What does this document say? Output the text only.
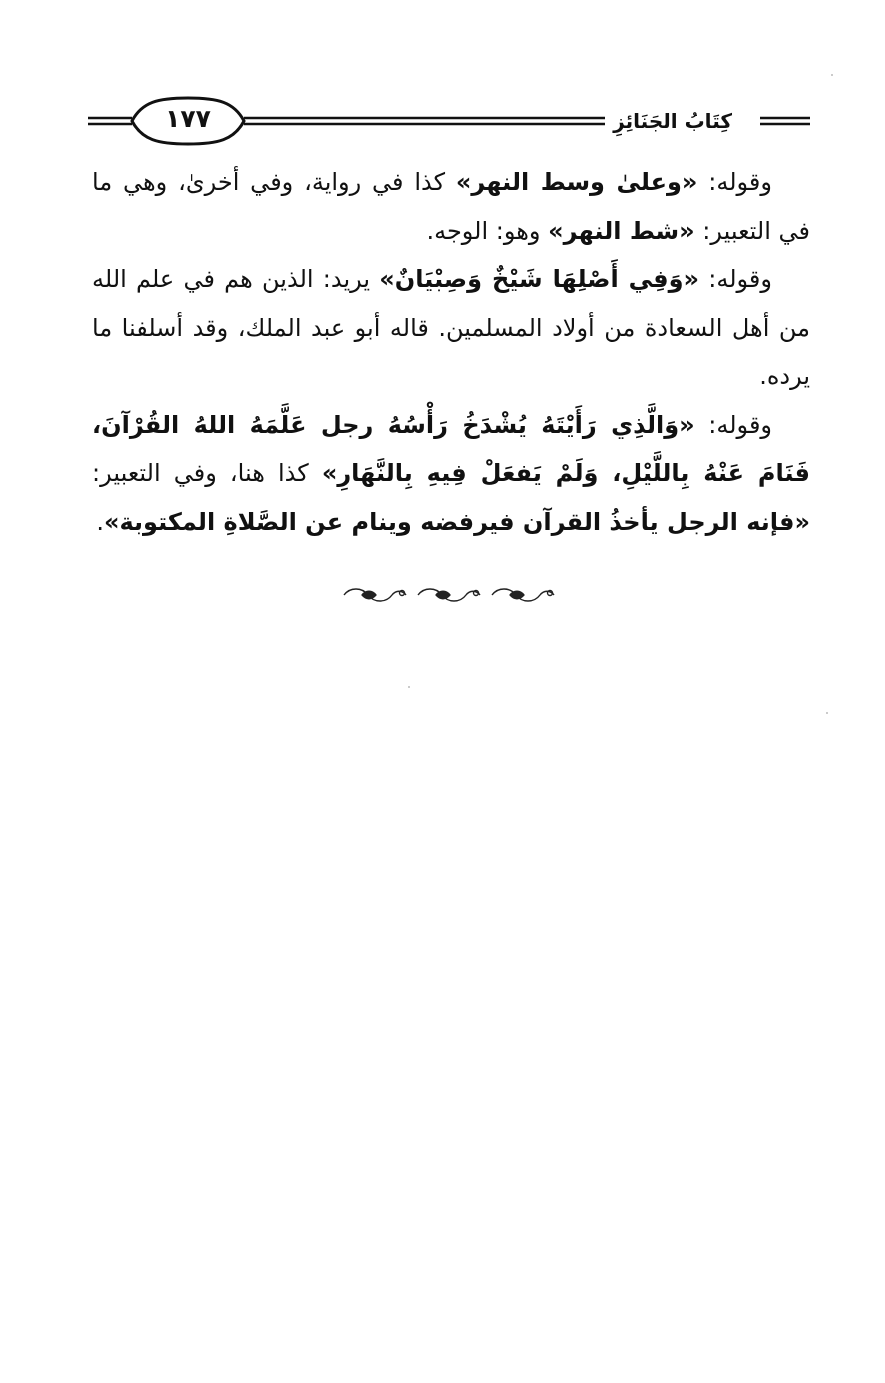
١٧٧	كِتَابُ الجَنَائِزِ

وقوله: «وعلىٰ وسط النهر» كذا في رواية، وفي أخرىٰ، وهي ما في التعبير: «شط النهر» وهو: الوجه.

وقوله: «وَفِي أَصْلِهَا شَيْخٌ وَصِبْيَانٌ» يريد: الذين هم في علم الله من أهل السعادة من أولاد المسلمين. قاله أبو عبد الملك، وقد أسلفنا ما يرده.

وقوله: «وَالَّذِي رَأَيْتَهُ يُشْدَخُ رَأْسُهُ رجل عَلَّمَهُ اللهُ القُرْآنَ، فَنَامَ عَنْهُ بِاللَّيْلِ، وَلَمْ يَفعَلْ فِيهِ بِالنَّهَارِ» كذا هنا، وفي التعبير: «فإنه الرجل يأخذُ القرآن فيرفضه وينام عن الصَّلاةِ المكتوبة».
